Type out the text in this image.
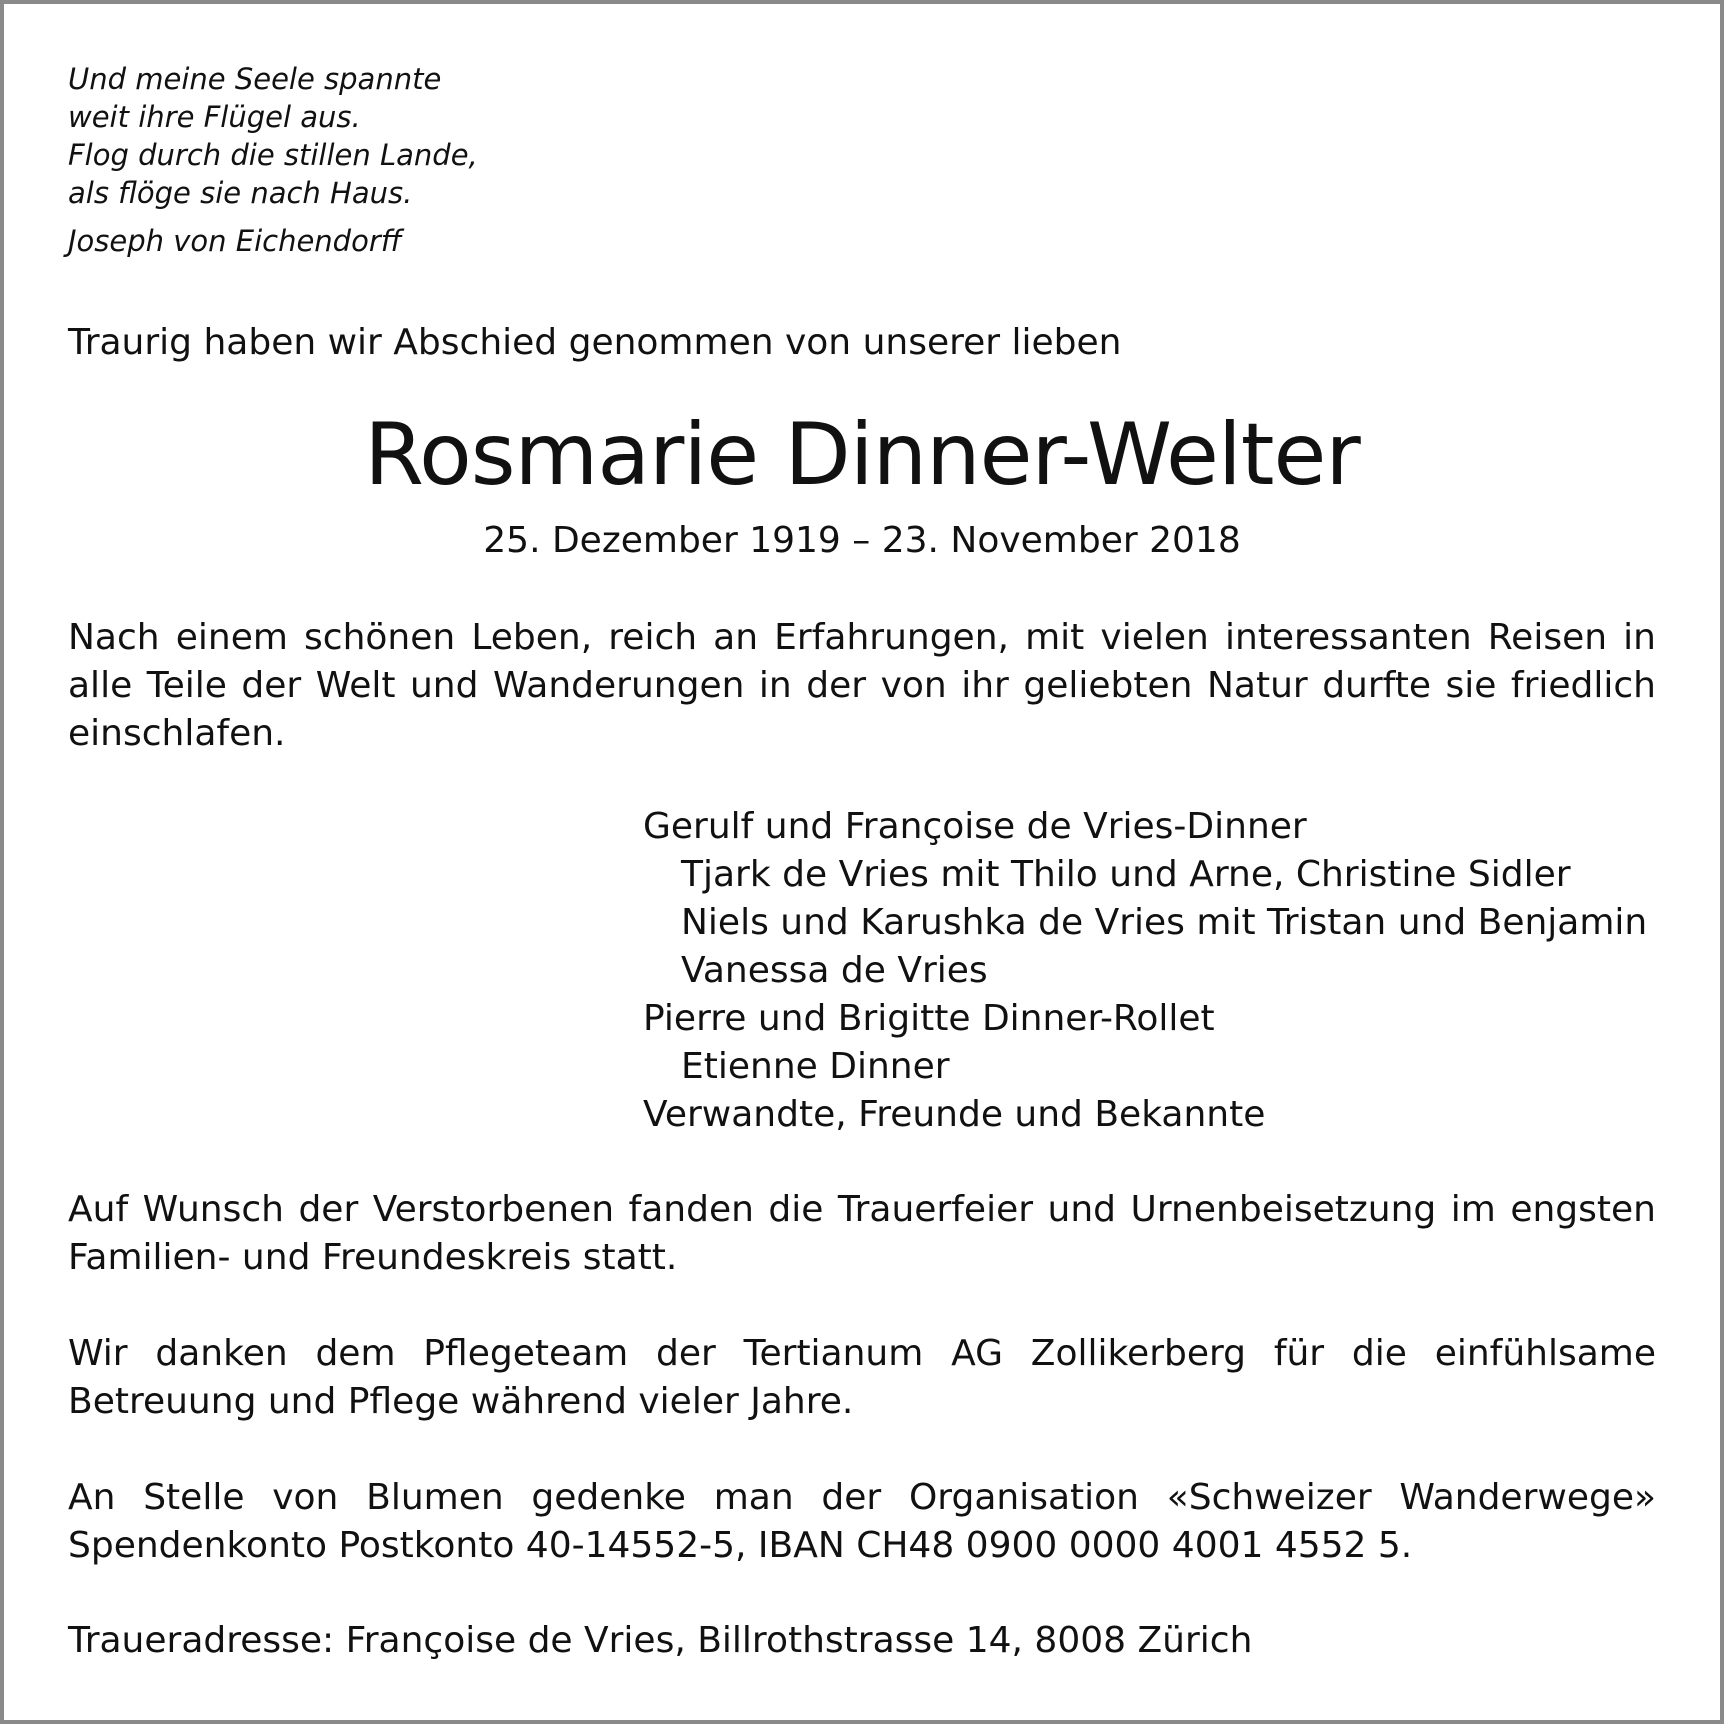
Und meine Seele spannte
weit ihre Flügel aus.
Flog durch die stillen Lande,
als flöge sie nach Haus.
Joseph von Eichendorff
Traurig haben wir Abschied genommen von unserer lieben
Rosmarie Dinner-Welter
25. Dezember 1919 – 23. November 2018
Nach einem schönen Leben, reich an Erfahrungen, mit vielen interessanten Reisen in alle Teile der Welt und Wanderungen in der von ihr geliebten Natur durfte sie friedlich einschlafen.
Gerulf und Françoise de Vries-Dinner
Tjark de Vries mit Thilo und Arne, Christine Sidler
Niels und Karushka de Vries mit Tristan und Benjamin
Vanessa de Vries
Pierre und Brigitte Dinner-Rollet
Etienne Dinner
Verwandte, Freunde und Bekannte
Auf Wunsch der Verstorbenen fanden die Trauerfeier und Urnenbeisetzung im engsten Familien- und Freundeskreis statt.
Wir danken dem Pflegeteam der Tertianum AG Zollikerberg für die einfühlsame Betreuung und Pflege während vieler Jahre.
An Stelle von Blumen gedenke man der Organisation «Schweizer Wanderwege» Spendenkonto Postkonto 40-14552-5, IBAN CH48 0900 0000 4001 4552 5.
Traueradresse: Françoise de Vries, Billrothstrasse 14, 8008 Zürich
